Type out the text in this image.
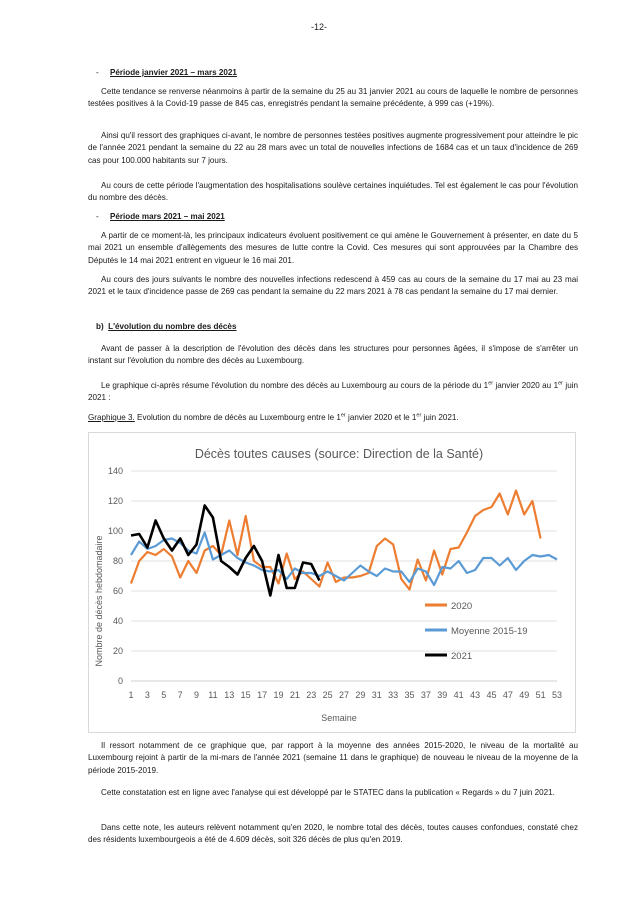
-12-
- Période janvier 2021 – mars 2021
Cette tendance se renverse néanmoins à partir de la semaine du 25 au 31 janvier 2021 au cours de laquelle le nombre de personnes testées positives à la Covid-19 passe de 845 cas, enregistrés pendant la semaine précédente, à 999 cas (+19%).
Ainsi qu'il ressort des graphiques ci-avant, le nombre de personnes testées positives augmente progressivement pour atteindre le pic de l'année 2021 pendant la semaine du 22 au 28 mars avec un total de nouvelles infections de 1684 cas et un taux d'incidence de 269 cas pour 100.000 habitants sur 7 jours.
Au cours de cette période l'augmentation des hospitalisations soulève certaines inquiétudes. Tel est également le cas pour l'évolution du nombre des décès.
- Période mars 2021 – mai 2021
A partir de ce moment-là, les principaux indicateurs évoluent positivement ce qui amène le Gouvernement à présenter, en date du 5 mai 2021 un ensemble d'allègements des mesures de lutte contre la Covid. Ces mesures qui sont approuvées par la Chambre des Députés le 14 mai 2021 entrent en vigueur le 16 mai 201.
Au cours des jours suivants le nombre des nouvelles infections redescend à 459 cas au cours de la semaine du 17 mai au 23 mai 2021 et le taux d'incidence passe de 269 cas pendant la semaine du 22 mars 2021 à 78 cas pendant la semaine du 17 mai dernier.
b) L'évolution du nombre des décès
Avant de passer à la description de l'évolution des décès dans les structures pour personnes âgées, il s'impose de s'arrêter un instant sur l'évolution du nombre des décès au Luxembourg.
Le graphique ci-après résume l'évolution du nombre des décès au Luxembourg au cours de la période du 1er janvier 2020 au 1er juin 2021 :
Graphique 3. Evolution du nombre de décès au Luxembourg entre le 1er janvier 2020 et le 1er juin 2021.
Décès toutes causes (source: Direction de la Santé)
Nombre de décès hebdomadaire
Semaine
0
20
40
60
80
100
120
140
1 3 5 7 9 11 13 15 17 19 21 23 25 27 29 31 33 35 37 39 41 43 45 47 49 51 53
2020
Moyenne 2015-19
2021
Il ressort notamment de ce graphique que, par rapport à la moyenne des années 2015-2020, le niveau de la mortalité au Luxembourg rejoint à partir de la mi-mars de l'année 2021 (semaine 11 dans le graphique) de nouveau le niveau de la moyenne de la période 2015-2019.
Cette constatation est en ligne avec l'analyse qui est développé par le STATEC dans la publication « Regards » du 7 juin 2021.
Dans cette note, les auteurs relèvent notamment qu'en 2020, le nombre total des décès, toutes causes confondues, constaté chez des résidents luxembourgeois a été de 4.609 décès, soit 326 décès de plus qu'en 2019.
